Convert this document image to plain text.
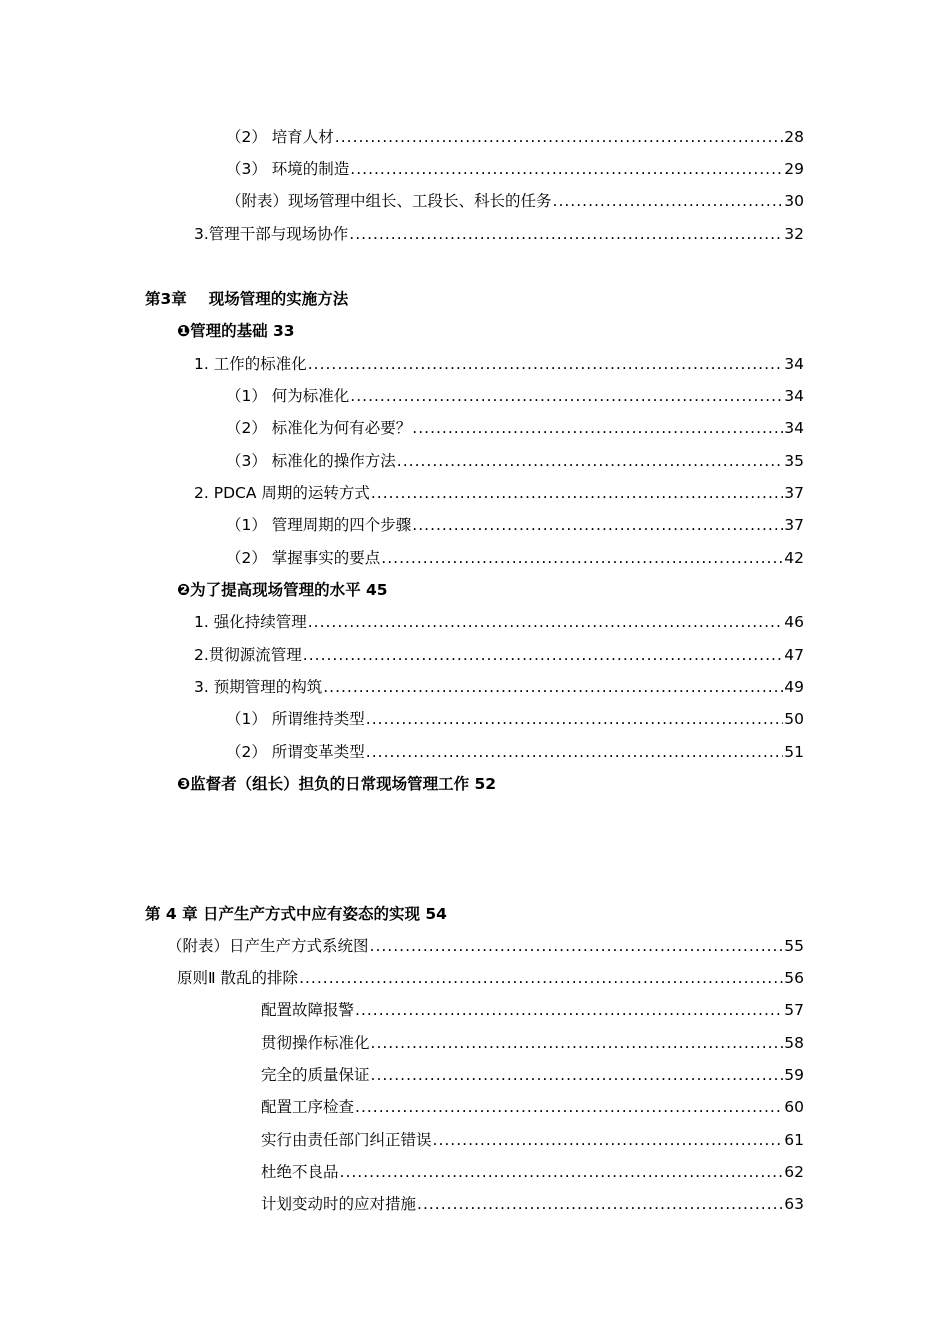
（2） 培育人材 .....	28
（3） 环境的制造 .....	29
（附表）现场管理中组长、工段长、科长的任务 .....	30
3.管理干部与现场协作 .....	32
第3章 现场管理的实施方法
❶管理的基础 33
1. 工作的标准化 .....	34
（1） 何为标准化 .....	34
（2） 标准化为何有必要？ .....	34
（3） 标准化的操作方法 .....	35
2. PDCA 周期的运转方式 .....	37
（1） 管理周期的四个步骤 .....	37
（2） 掌握事实的要点 .....	42
❷为了提高现场管理的水平 45
1. 强化持续管理 .....	46
2.贯彻源流管理 .....	47
3. 预期管理的构筑 .....	49
（1） 所谓维持类型 .....	50
（2） 所谓变革类型 .....	51
❸监督者（组长）担负的日常现场管理工作 52
第 4 章 日产生产方式中应有姿态的实现 54
（附表）日产生产方式系统图 .....	55
原则Ⅱ 散乱的排除 .....	56
配置故障报警 .....	57
贯彻操作标准化 .....	58
完全的质量保证 .....	59
配置工序检查 .....	60
实行由责任部门纠正错误 .....	61
杜绝不良品 .....	62
计划变动时的应对措施 .....	63
